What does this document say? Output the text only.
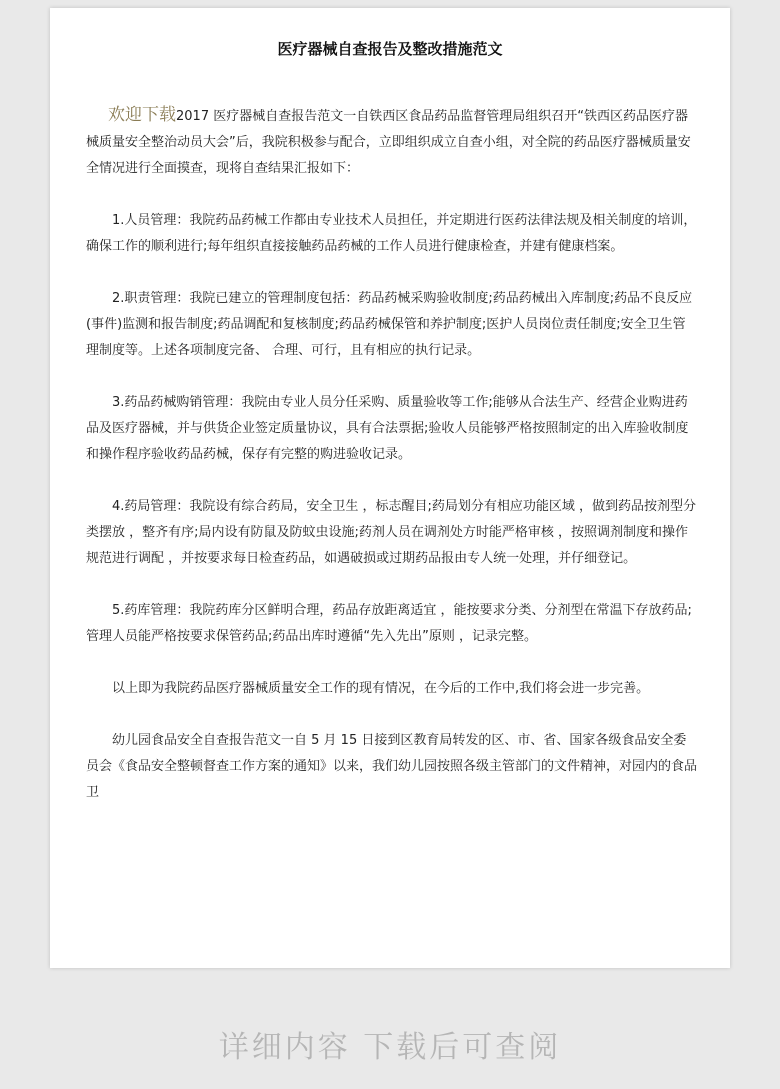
医疗器械自查报告及整改措施范文

欢迎下载2017 医疗器械自查报告范文一自铁西区食品药品监督管理局组织召开“铁西区药品医疗器械质量安全整治动员大会”后，我院积极参与配合，立即组织成立自查小组，对全院的药品医疗器械质量安全情况进行全面摸查，现将自查结果汇报如下：

1.人员管理：我院药品药械工作都由专业技术人员担任，并定期进行医药法律法规及相关制度的培训，确保工作的顺利进行;每年组织直接接触药品药械的工作人员进行健康检查，并建有健康档案。

2.职责管理：我院已建立的管理制度包括：药品药械采购验收制度;药品药械出入库制度;药品不良反应(事件)监测和报告制度;药品调配和复核制度;药品药械保管和养护制度;医护人员岗位责任制度;安全卫生管理制度等。上述各项制度完备、 合理、可行，且有相应的执行记录。

3.药品药械购销管理：我院由专业人员分任采购、质量验收等工作;能够从合法生产、经营企业购进药品及医疗器械，并与供货企业签定质量协议，具有合法票据;验收人员能够严格按照制定的出入库验收制度和操作程序验收药品药械，保存有完整的购进验收记录。

4.药局管理：我院设有综合药局，安全卫生 ，标志醒目;药局划分有相应功能区域 ，做到药品按剂型分类摆放 ，整齐有序;局内设有防鼠及防蚊虫设施;药剂人员在调剂处方时能严格审核 ，按照调剂制度和操作规范进行调配 ，并按要求每日检查药品，如遇破损或过期药品报由专人统一处理，并仔细登记。

5.药库管理：我院药库分区鲜明合理，药品存放距离适宜 ，能按要求分类、分剂型在常温下存放药品;管理人员能严格按要求保管药品;药品出库时遵循“先入先出”原则 ，记录完整。

以上即为我院药品医疗器械质量安全工作的现有情况，在今后的工作中,我们将会进一步完善。

幼儿园食品安全自查报告范文一自 5 月 15 日接到区教育局转发的区、市、省、国家各级食品安全委员会《食品安全整顿督查工作方案的通知》以来，我们幼儿园按照各级主管部门的文件精神，对园内的食品卫

详细内容 下载后可查阅
